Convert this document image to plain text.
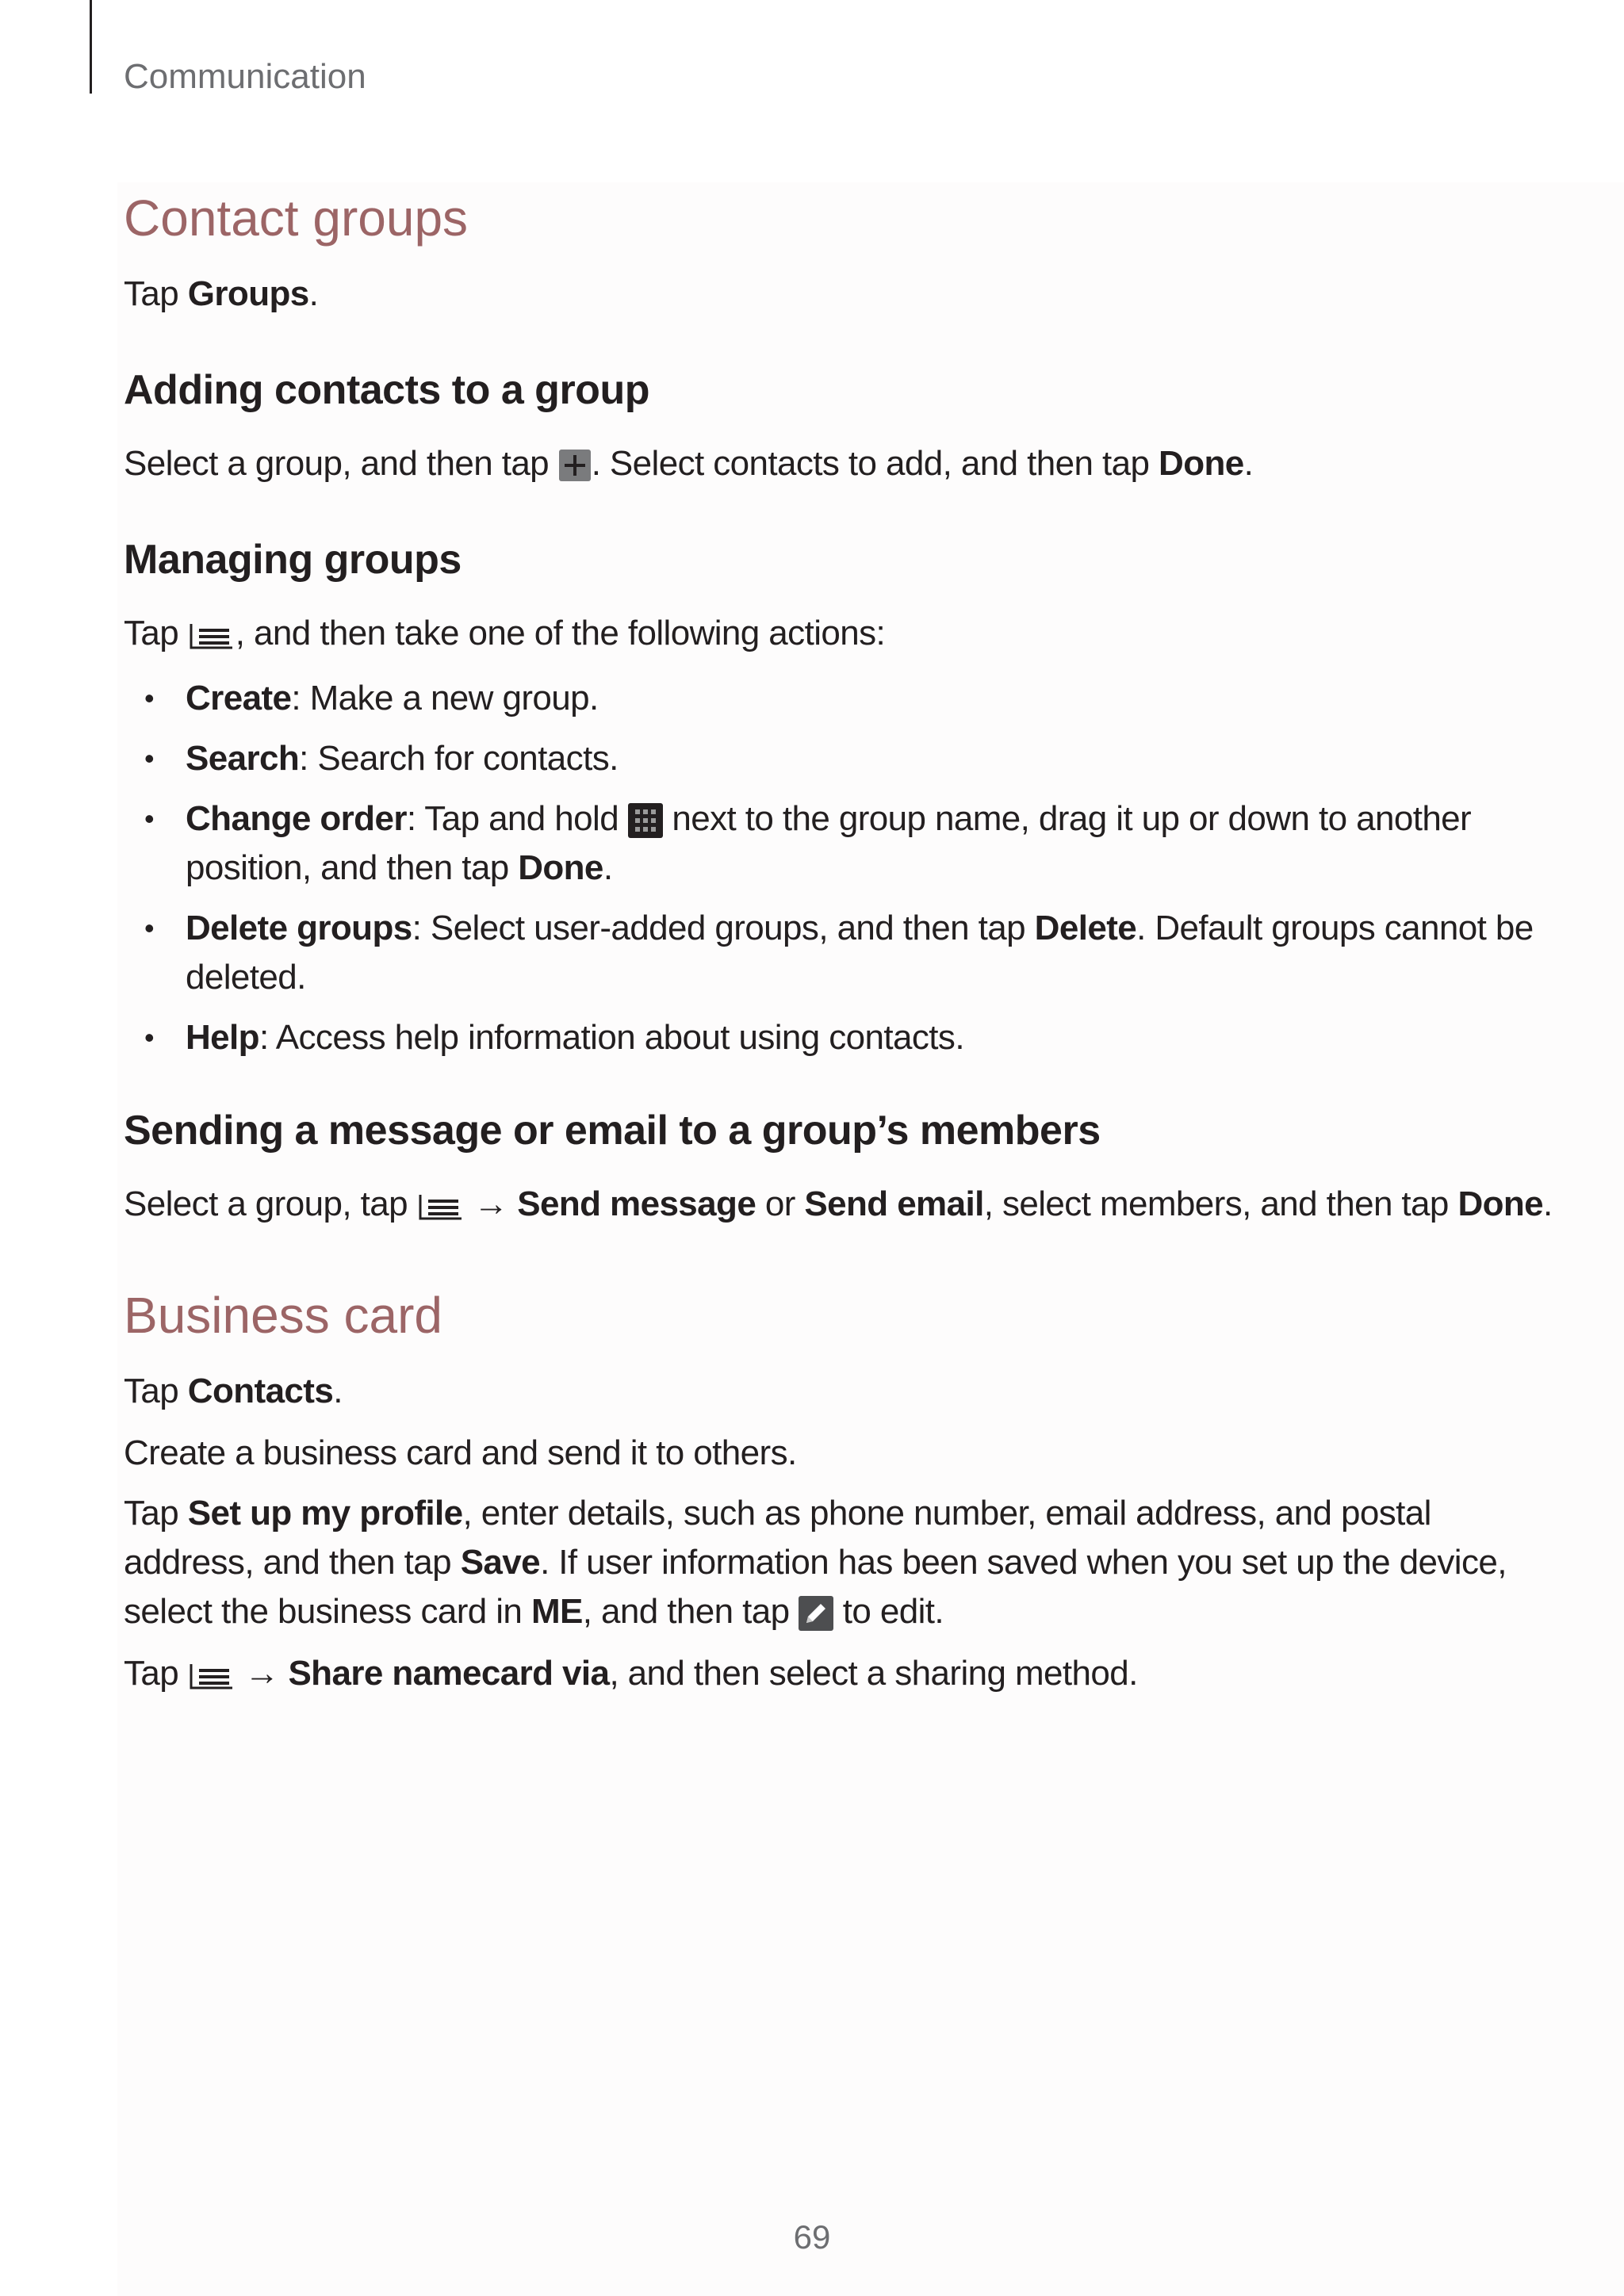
Communication
Contact groups
Tap Groups.
Adding contacts to a group
Select a group, and then tap
. Select contacts to add, and then tap Done.
Managing groups
Tap
, and then take one of the following actions:
• Create: Make a new group.
• Search: Search for contacts.
• Change order: Tap and hold
next to the group name, drag it up or down to another
position, and then tap Done.
• Delete groups: Select user-added groups, and then tap Delete. Default groups cannot be
deleted.
• Help: Access help information about using contacts.
Sending a message or email to a group’s members
Select a group, tap
→ Send message or Send email, select members, and then tap Done.
Business card
Tap Contacts.
Create a business card and send it to others.
Tap Set up my profile, enter details, such as phone number, email address, and postal
address, and then tap Save. If user information has been saved when you set up the device,
select the business card in ME, and then tap
to edit.
Tap
→ Share namecard via, and then select a sharing method.
69
